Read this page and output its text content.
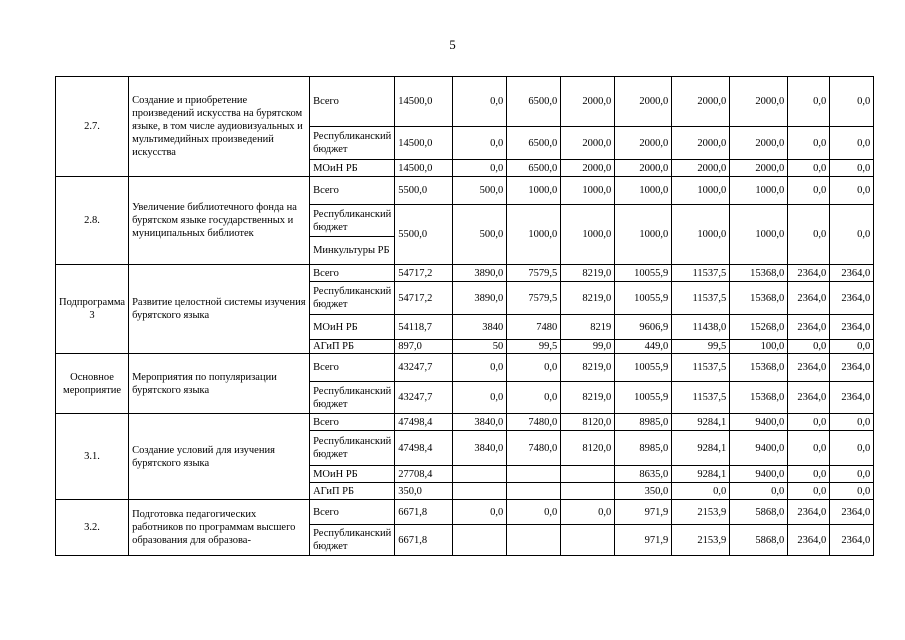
5
2.7.	Создание и приобретение произведений искусства на бурятском языке, в том числе аудиовизуальных и мультимедийных произведений искусства	Всего	14500,0	0,0	6500,0	2000,0	2000,0	2000,0	2000,0	0,0	0,0
		Республиканский бюджет	14500,0	0,0	6500,0	2000,0	2000,0	2000,0	2000,0	0,0	0,0
		МОиН РБ	14500,0	0,0	6500,0	2000,0	2000,0	2000,0	2000,0	0,0	0,0
2.8.	Увеличение библиотечного фонда на бурятском языке государственных и муниципальных библиотек	Всего	5500,0	500,0	1000,0	1000,0	1000,0	1000,0	1000,0	0,0	0,0
		Республиканский бюджет	5500,0	500,0	1000,0	1000,0	1000,0	1000,0	1000,0	0,0	0,0
		Минкультуры РБ									
Подпрограмма 3	Развитие целостной системы изучения бурятского языка	Всего	54717,2	3890,0	7579,5	8219,0	10055,9	11537,5	15368,0	2364,0	2364,0
		Республиканский бюджет	54717,2	3890,0	7579,5	8219,0	10055,9	11537,5	15368,0	2364,0	2364,0
		МОиН РБ	54118,7	3840	7480	8219	9606,9	11438,0	15268,0	2364,0	2364,0
		АГиП РБ	897,0	50	99,5	99,0	449,0	99,5	100,0	0,0	0,0
Основное мероприятие	Мероприятия по популяризации бурятского языка	Всего	43247,7	0,0	0,0	8219,0	10055,9	11537,5	15368,0	2364,0	2364,0
		Республиканский бюджет	43247,7	0,0	0,0	8219,0	10055,9	11537,5	15368,0	2364,0	2364,0
3.1.	Создание условий для изучения бурятского языка	Всего	47498,4	3840,0	7480,0	8120,0	8985,0	9284,1	9400,0	0,0	0,0
		Республиканский бюджет	47498,4	3840,0	7480,0	8120,0	8985,0	9284,1	9400,0	0,0	0,0
		МОиН РБ	27708,4				8635,0	9284,1	9400,0	0,0	0,0
		АГиП РБ	350,0				350,0	0,0	0,0	0,0	0,0
3.2.	Подготовка педагогических работников по программам высшего образования для образова-	Всего	6671,8	0,0	0,0	0,0	971,9	2153,9	5868,0	2364,0	2364,0
		Республиканский бюджет	6671,8				971,9	2153,9	5868,0	2364,0	2364,0
